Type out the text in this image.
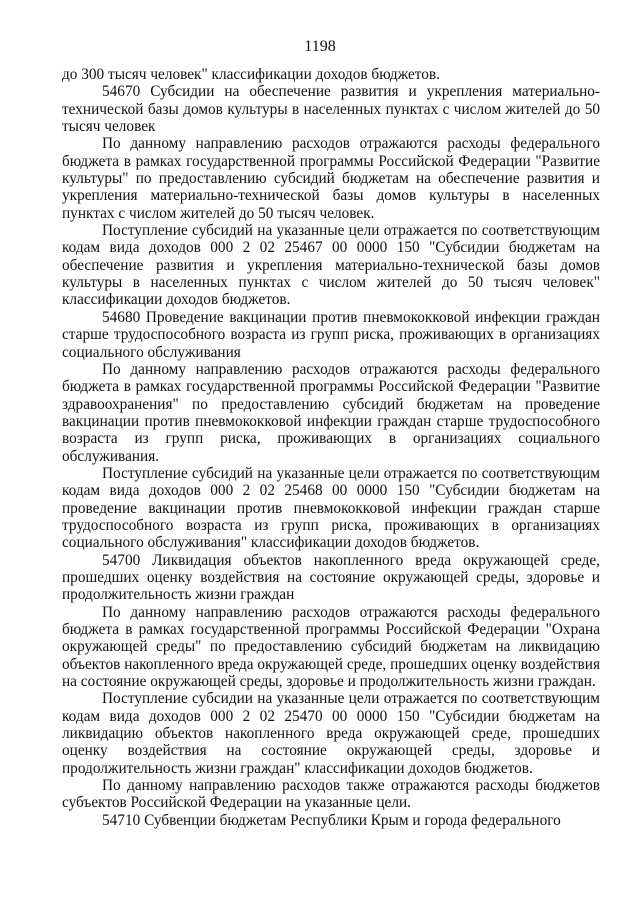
1198

до 300 тысяч человек" классификации доходов бюджетов.

54670 Субсидии на обеспечение развития и укрепления материально-технической базы домов культуры в населенных пунктах с числом жителей до 50 тысяч человек

По данному направлению расходов отражаются расходы федерального бюджета в рамках государственной программы Российской Федерации "Развитие культуры" по предоставлению субсидий бюджетам на обеспечение развития и укрепления материально-технической базы домов культуры в населенных пунктах с числом жителей до 50 тысяч человек.

Поступление субсидий на указанные цели отражается по соответствующим кодам вида доходов 000 2 02 25467 00 0000 150 "Субсидии бюджетам на обеспечение развития и укрепления материально-технической базы домов культуры в населенных пунктах с числом жителей до 50 тысяч человек" классификации доходов бюджетов.

54680 Проведение вакцинации против пневмококковой инфекции граждан старше трудоспособного возраста из групп риска, проживающих в организациях социального обслуживания

По данному направлению расходов отражаются расходы федерального бюджета в рамках государственной программы Российской Федерации "Развитие здравоохранения" по предоставлению субсидий бюджетам на проведение вакцинации против пневмококковой инфекции граждан старше трудоспособного возраста из групп риска, проживающих в организациях социального обслуживания.

Поступление субсидий на указанные цели отражается по соответствующим кодам вида доходов 000 2 02 25468 00 0000 150 "Субсидии бюджетам на проведение вакцинации против пневмококковой инфекции граждан старше трудоспособного возраста из групп риска, проживающих в организациях социального обслуживания" классификации доходов бюджетов.

54700 Ликвидация объектов накопленного вреда окружающей среде, прошедших оценку воздействия на состояние окружающей среды, здоровье и продолжительность жизни граждан

По данному направлению расходов отражаются расходы федерального бюджета в рамках государственной программы Российской Федерации "Охрана окружающей среды" по предоставлению субсидий бюджетам на ликвидацию объектов накопленного вреда окружающей среде, прошедших оценку воздействия на состояние окружающей среды, здоровье и продолжительность жизни граждан.

Поступление субсидии на указанные цели отражается по соответствующим кодам вида доходов 000 2 02 25470 00 0000 150 "Субсидии бюджетам на ликвидацию объектов накопленного вреда окружающей среде, прошедших оценку воздействия на состояние окружающей среды, здоровье и продолжительность жизни граждан" классификации доходов бюджетов.

По данному направлению расходов также отражаются расходы бюджетов субъектов Российской Федерации на указанные цели.

54710 Субвенции бюджетам Республики Крым и города федерального
